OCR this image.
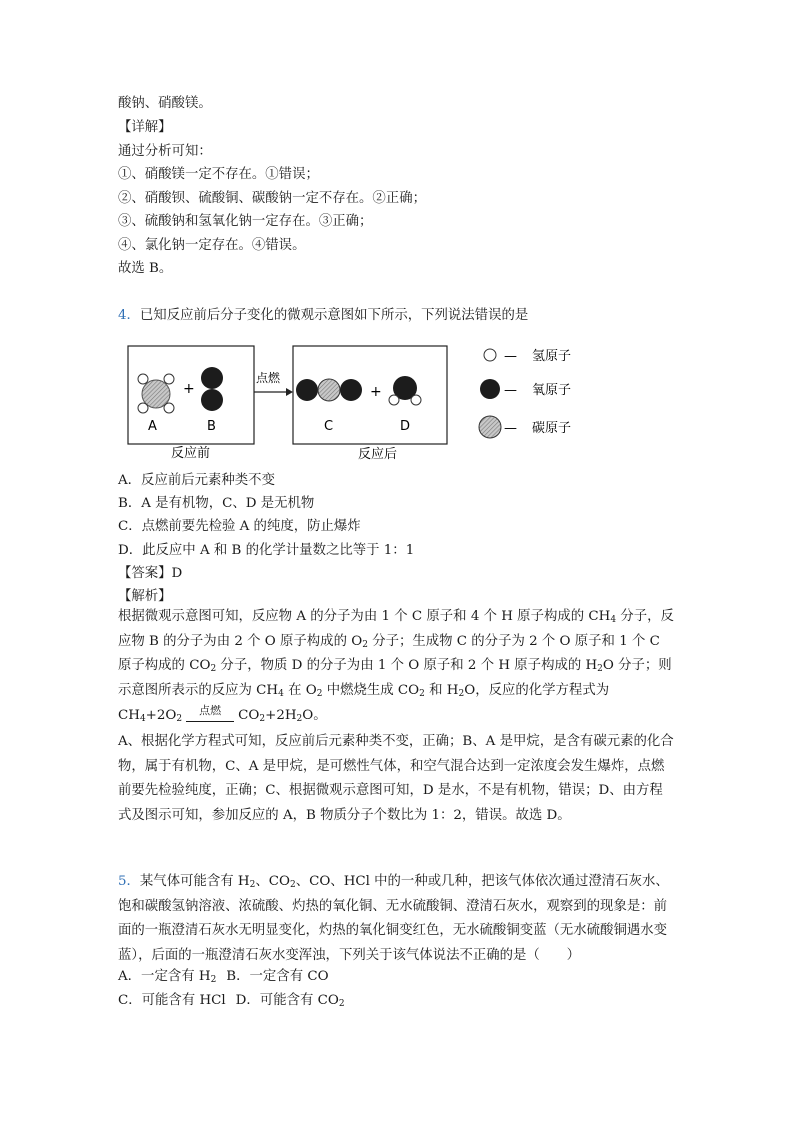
酸钠、硝酸镁。
【详解】
通过分析可知：
①、硝酸镁一定不存在。①错误；
②、硝酸钡、硫酸铜、碳酸钠一定不存在。②正确；
③、硫酸钠和氢氧化钠一定存在。③正确；
④、氯化钠一定存在。④错误。
故选 B。
4．已知反应前后分子变化的微观示意图如下所示，下列说法错误的是
+
A	B
反应前
点燃
+
C	D
反应后
— 氢原子
— 氧原子
— 碳原子
A．反应前后元素种类不变
B．A 是有机物，C、D 是无机物
C．点燃前要先检验 A 的纯度，防止爆炸
D．此反应中 A 和 B 的化学计量数之比等于 1：1
【答案】D
【解析】
根据微观示意图可知，反应物 A 的分子为由 1 个 C 原子和 4 个 H 原子构成的 $CH_4$ 分子，反应物 B 的分子为由 2 个 O 原子构成的 $O_2$ 分子；生成物 C 的分子为 2 个 O 原子和 1 个 C 原子构成的 $CO_2$ 分子，物质 D 的分子为由 1 个 O 原子和 2 个 H 原子构成的 $H_2O$ 分子；则示意图所表示的反应为 $CH_4$ 在 $O_2$ 中燃烧生成 $CO_2$ 和 $H_2O$，反应的化学方程式为
$CH_4+2O_2^{点燃}$ $CO_2+2H_2O$。
A、根据化学方程式可知，反应前后元素种类不变，正确；B、A 是甲烷，是含有碳元素的化合物，属于有机物，C、A 是甲烷，是可燃性气体，和空气混合达到一定浓度会发生爆炸，点燃前要先检验纯度，正确；C、根据微观示意图可知，D 是水，不是有机物，错误；D、由方程式及图示可知，参加反应的 A，B 物质分子个数比为 1：2，错误。故选 D。
5．某气体可能含有 $H_2$、$CO_2$、CO、HCl 中的一种或几种，把该气体依次通过澄清石灰水、饱和碳酸氢钠溶液、浓硫酸、灼热的氧化铜、无水硫酸铜、澄清石灰水，观察到的现象是：前面的一瓶澄清石灰水无明显变化，灼热的氧化铜变红色，无水硫酸铜变蓝（无水硫酸铜遇水变蓝），后面的一瓶澄清石灰水变浑浊，下列关于该气体说法不正确的是（　　）
A．一定含有 $H_2$ B．一定含有 CO
C．可能含有 HCl D．可能含有 $CO_2$
